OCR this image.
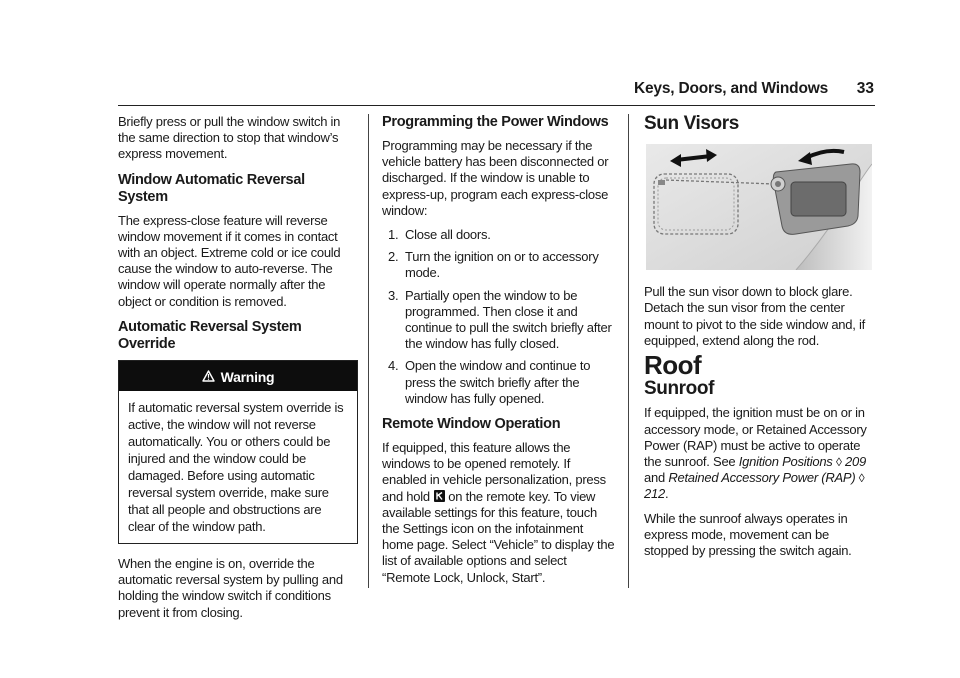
Keys, Doors, and Windows 33

Briefly press or pull the window switch in the same direction to stop that window’s express movement.

Window Automatic Reversal System

The express-close feature will reverse window movement if it comes in contact with an object. Extreme cold or ice could cause the window to auto-reverse. The window will operate normally after the object or condition is removed.

Automatic Reversal System Override
Warning
If automatic reversal system override is active, the window will not reverse automatically. You or others could be injured and the window could be damaged. Before using automatic reversal system override, make sure that all people and obstructions are clear of the window path.

When the engine is on, override the automatic reversal system by pulling and holding the window switch if conditions prevent it from closing.

Programming the Power Windows

Programming may be necessary if the vehicle battery has been disconnected or discharged. If the window is unable to express-up, program each express-close window:

1. Close all doors.
2. Turn the ignition on or to accessory mode.
3. Partially open the window to be programmed. Then close it and continue to pull the switch briefly after the window has fully closed.
4. Open the window and continue to press the switch briefly after the window has fully opened.
Remote Window Operation

If equipped, this feature allows the windows to be opened remotely. If enabled in vehicle personalization, press and hold on the remote key. To view available settings for this feature, touch the Settings icon on the infotainment home page. Select “Vehicle” to display the list of available options and select “Remote Lock, Unlock, Start”.

Sun Visors

Pull the sun visor down to block glare. Detach the sun visor from the center mount to pivot to the side window and, if equipped, extend along the rod.

Roof
Sunroof

If equipped, the ignition must be on or in accessory mode, or Retained Accessory Power (RAP) must be active to operate the sunroof. See Ignition Positions ◊ 209 and Retained Accessory Power (RAP) ◊ 212.

While the sunroof always operates in express mode, movement can be stopped by pressing the switch again.
